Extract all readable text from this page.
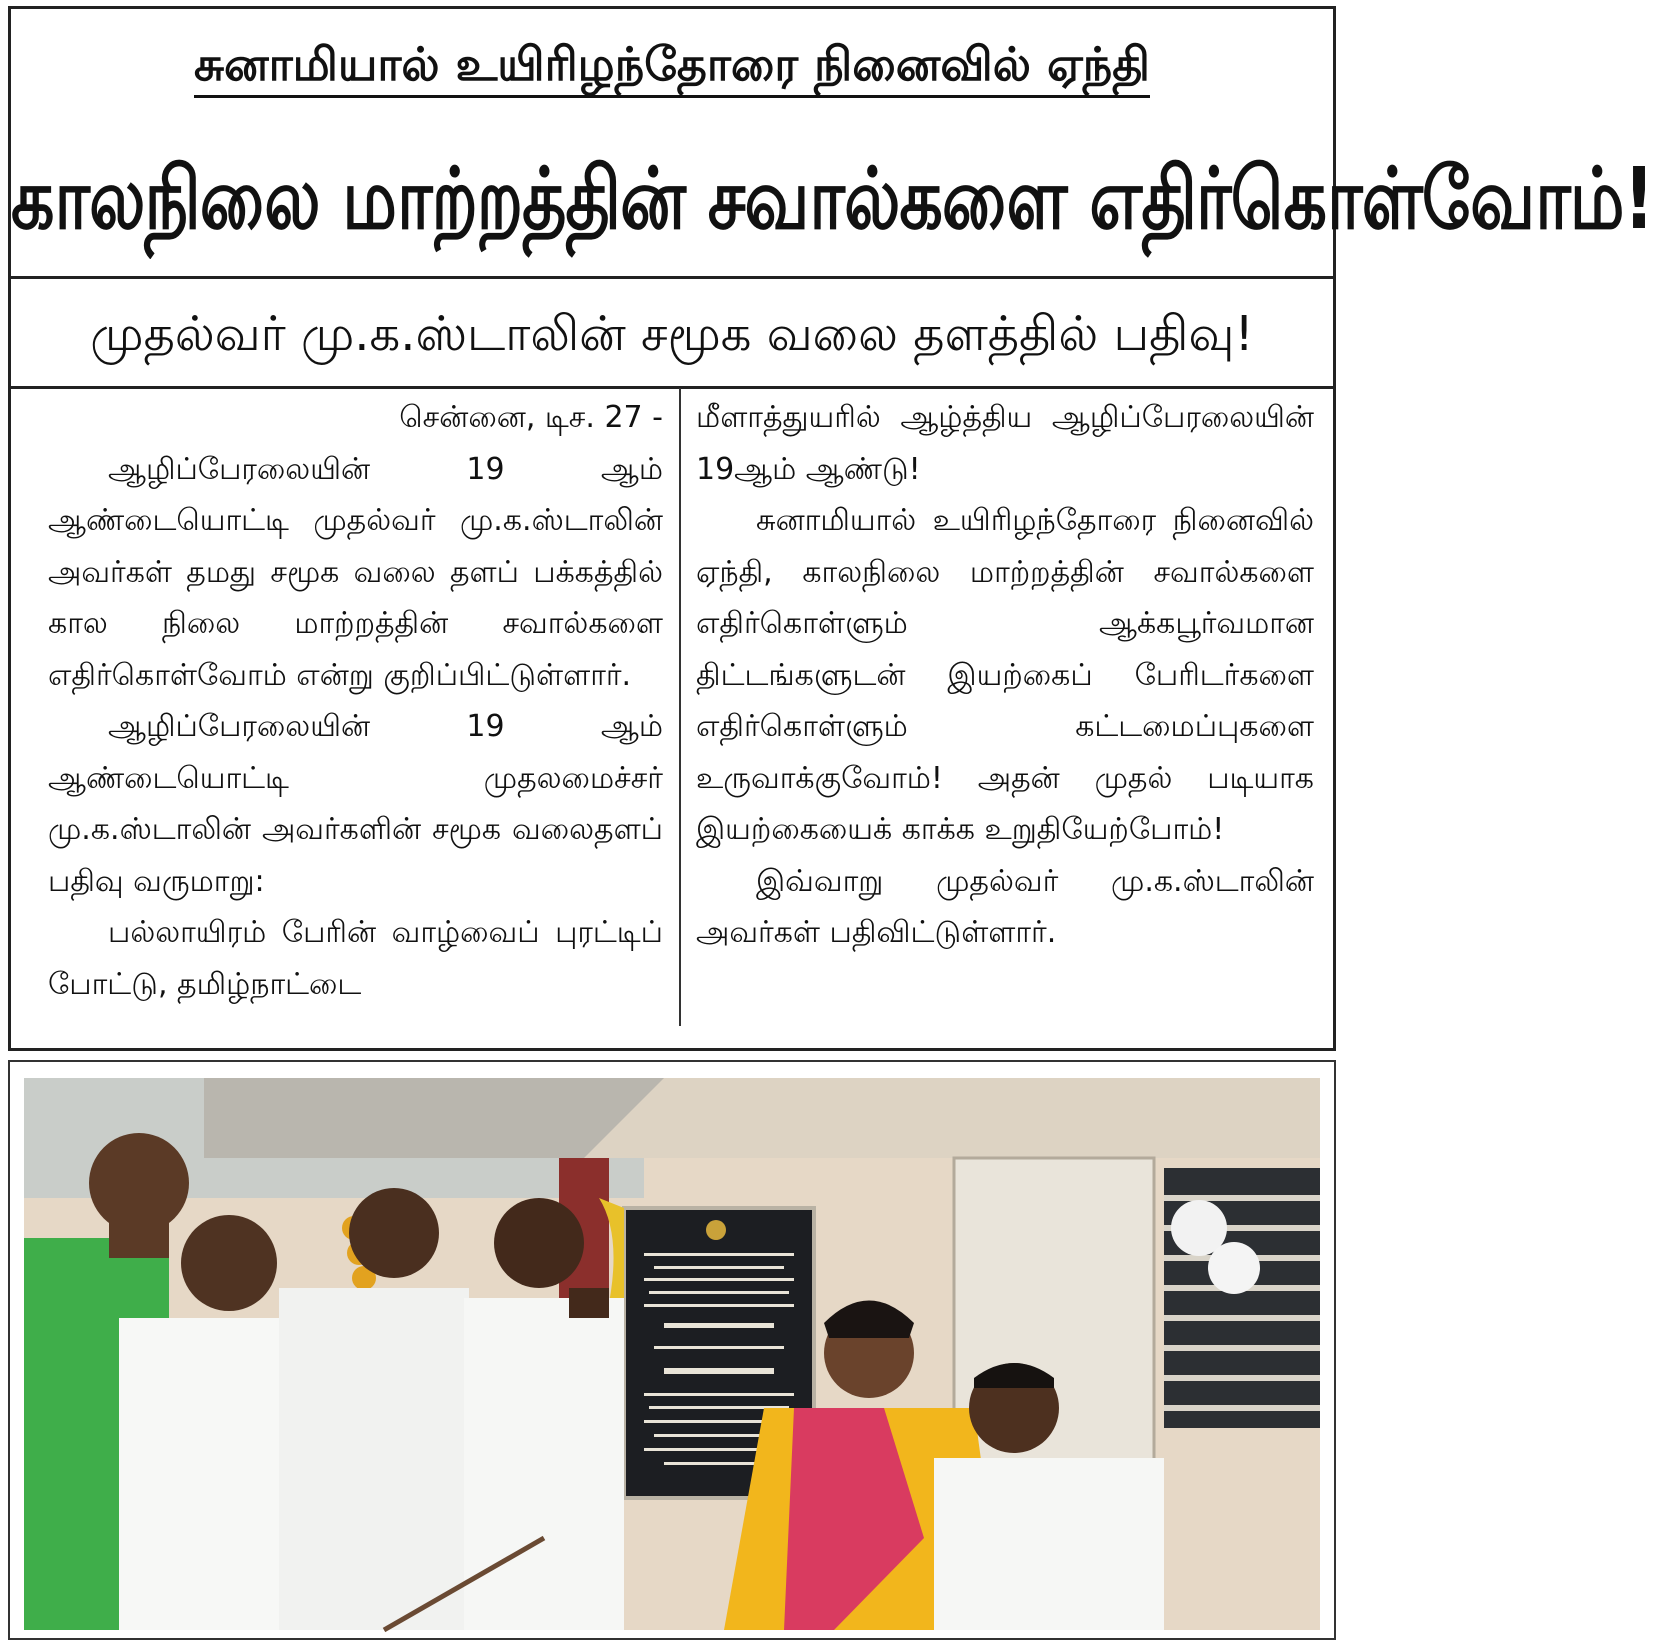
சுனாமியால் உயிரிழந்தோரை நினைவில் ஏந்தி
காலநிலை மாற்றத்தின் சவால்களை எதிர்கொள்வோம்!
முதல்வர் மு.க.ஸ்டாலின் சமூக வலை தளத்தில் பதிவு!

சென்னை, டிச. 27 -

ஆழிப்பேரலையின் 19 ஆம் ஆண்டையொட்டி முதல்வர் மு.க.ஸ்டாலின் அவர்கள் தமது சமூக வலை தளப் பக்கத்தில் கால நிலை மாற்றத்தின் சவால்களை எதிர்கொள்வோம் என்று குறிப்பிட்டுள்ளார்.

ஆழிப்பேரலையின் 19 ஆம் ஆண்டையொட்டி முதலமைச்சர் மு.க.ஸ்டாலின் அவர்களின் சமூக வலைதளப் பதிவு வருமாறு:

பல்லாயிரம் பேரின் வாழ்வைப் புரட்டிப் போட்டு, தமிழ்நாட்டை

மீளாத்துயரில் ஆழ்த்திய ஆழிப்பேரலையின் 19ஆம் ஆண்டு!

சுனாமியால் உயிரிழந்தோரை நினைவில் ஏந்தி, காலநிலை மாற்றத்தின் சவால்களை எதிர்கொள்ளும் ஆக்கபூர்வமான திட்டங்களுடன் இயற்கைப் பேரிடர்களை எதிர்கொள்ளும் கட்டமைப்புகளை உருவாக்குவோம்! அதன் முதல் படியாக இயற்கையைக் காக்க உறுதியேற்போம்!

இவ்வாறு முதல்வர் மு.க.ஸ்டாலின் அவர்கள் பதிவிட்டுள்ளார்.
